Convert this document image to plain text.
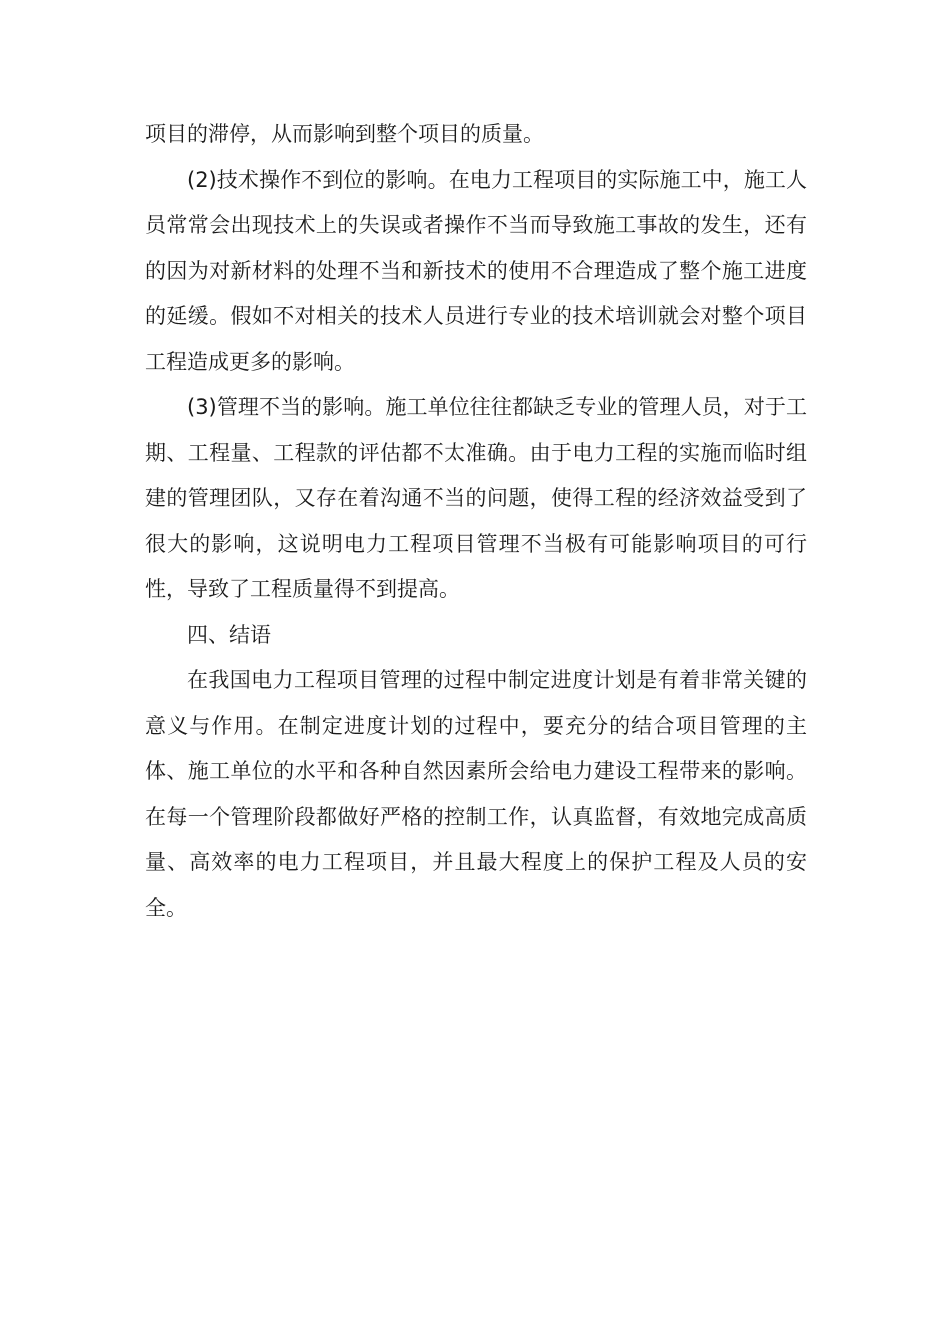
项目的滞停，从而影响到整个项目的质量。

(2)技术操作不到位的影响。在电力工程项目的实际施工中，施工人员常常会出现技术上的失误或者操作不当而导致施工事故的发生，还有的因为对新材料的处理不当和新技术的使用不合理造成了整个施工进度的延缓。假如不对相关的技术人员进行专业的技术培训就会对整个项目工程造成更多的影响。

(3)管理不当的影响。施工单位往往都缺乏专业的管理人员，对于工期、工程量、工程款的评估都不太准确。由于电力工程的实施而临时组建的管理团队，又存在着沟通不当的问题，使得工程的经济效益受到了很大的影响，这说明电力工程项目管理不当极有可能影响项目的可行性，导致了工程质量得不到提高。

四、结语

在我国电力工程项目管理的过程中制定进度计划是有着非常关键的意义与作用。在制定进度计划的过程中，要充分的结合项目管理的主体、施工单位的水平和各种自然因素所会给电力建设工程带来的影响。在每一个管理阶段都做好严格的控制工作，认真监督，有效地完成高质量、高效率的电力工程项目，并且最大程度上的保护工程及人员的安全。
